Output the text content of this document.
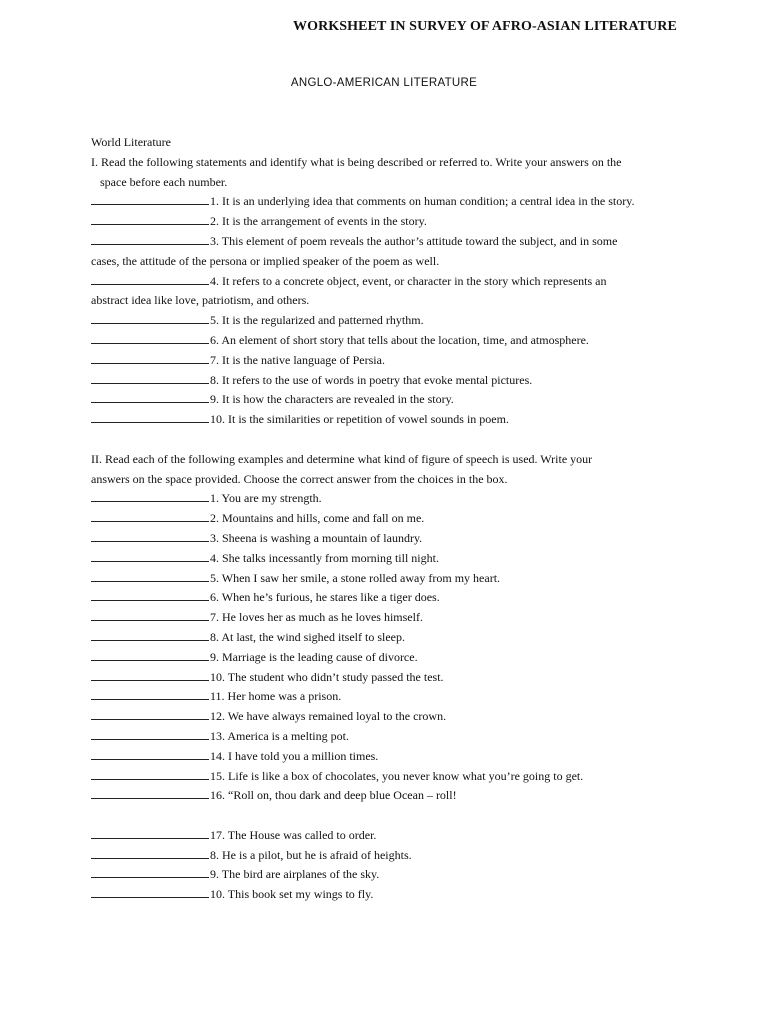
WORKSHEET IN SURVEY OF AFRO-ASIAN LITERATURE
ANGLO-AMERICAN LITERATURE
World Literature
I. Read the following statements and identify what is being described or referred to. Write your answers on the
space before each number.
1. It is an underlying idea that comments on human condition; a central idea in the story.
2. It is the arrangement of events in the story.
3. This element of poem reveals the author’s attitude toward the subject, and in some
cases, the attitude of the persona or implied speaker of the poem as well.
4. It refers to a concrete object, event, or character in the story which represents an
abstract idea like love, patriotism, and others.
5. It is the regularized and patterned rhythm.
6. An element of short story that tells about the location, time, and atmosphere.
7. It is the native language of Persia.
8. It refers to the use of words in poetry that evoke mental pictures.
9. It is how the characters are revealed in the story.
10. It is the similarities or repetition of vowel sounds in poem.
II. Read each of the following examples and determine what kind of figure of speech is used. Write your
answers on the space provided. Choose the correct answer from the choices in the box.
1. You are my strength.
2. Mountains and hills, come and fall on me.
3. Sheena is washing a mountain of laundry.
4. She talks incessantly from morning till night.
5. When I saw her smile, a stone rolled away from my heart.
6. When he’s furious, he stares like a tiger does.
7. He loves her as much as he loves himself.
8. At last, the wind sighed itself to sleep.
9. Marriage is the leading cause of divorce.
10. The student who didn’t study passed the test.
11. Her home was a prison.
12. We have always remained loyal to the crown.
13. America is a melting pot.
14. I have told you a million times.
15. Life is like a box of chocolates, you never know what you’re going to get.
16. “Roll on, thou dark and deep blue Ocean – roll!
17. The House was called to order.
8. He is a pilot, but he is afraid of heights.
9. The bird are airplanes of the sky.
10. This book set my wings to fly.
